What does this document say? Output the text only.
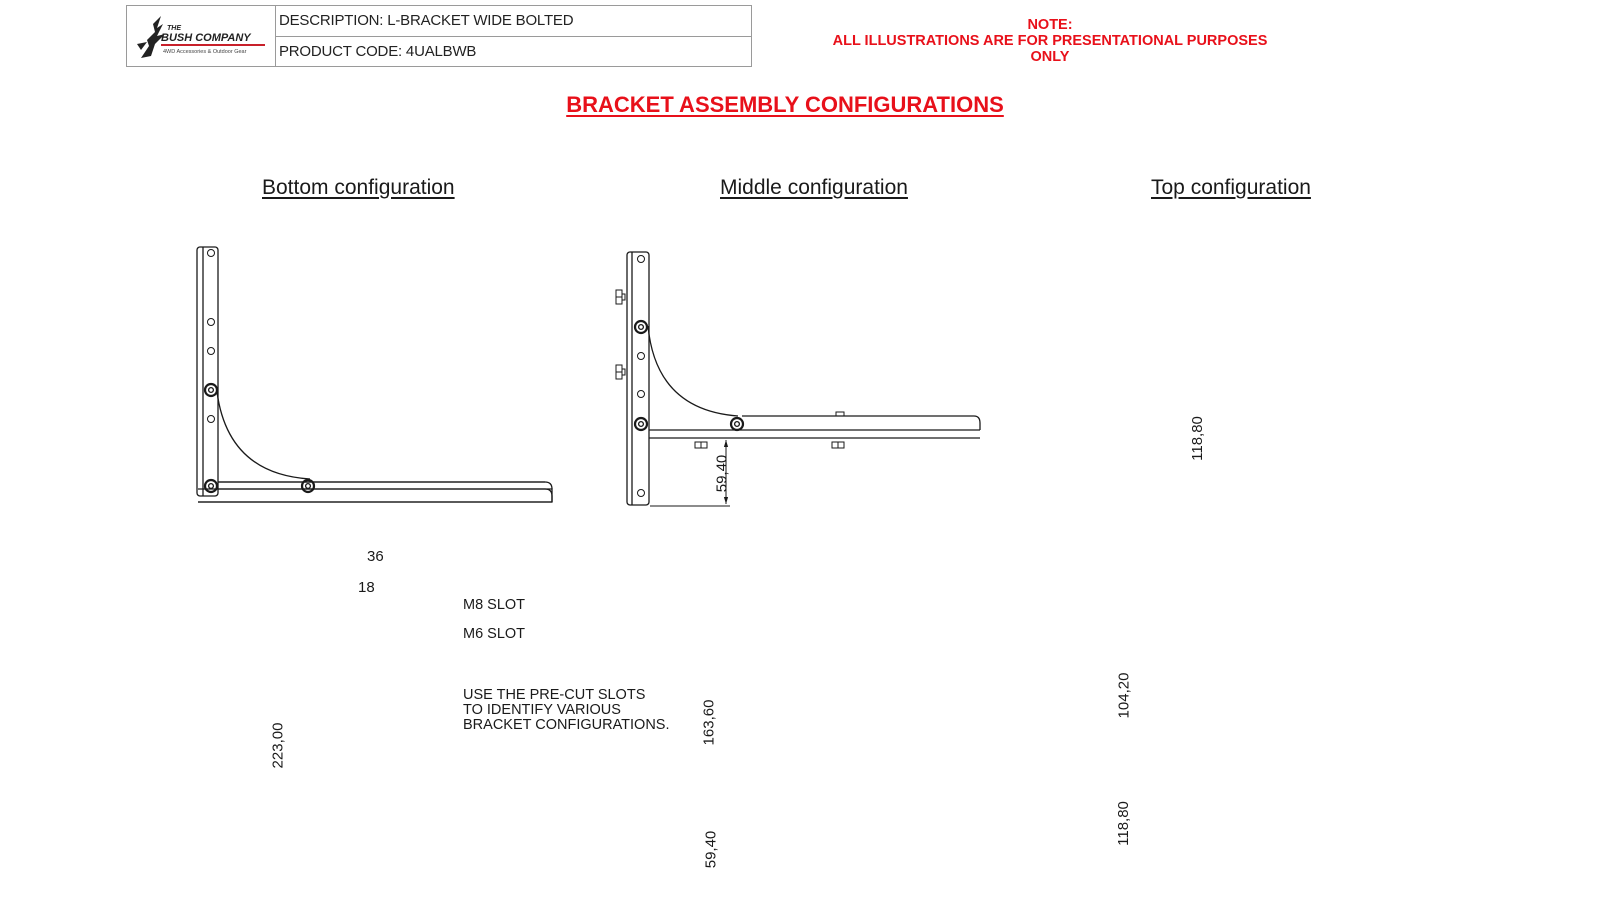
THE
BUSH COMPANY
4WD Accessories & Outdoor Gear
DESCRIPTION: L-BRACKET WIDE BOLTED
PRODUCT CODE: 4UALBWB
NOTE:
ALL ILLUSTRATIONS ARE FOR PRESENTATIONAL PURPOSES ONLY
BRACKET ASSEMBLY CONFIGURATIONS
Bottom configuration	Middle configuration	Top configuration
59,40
118,80
36
18
223,00
M8 SLOT
M6 SLOT
USE THE PRE-CUT SLOTS
TO IDENTIFY VARIOUS
BRACKET CONFIGURATIONS. 163,60
59,40
104,20
118,80
